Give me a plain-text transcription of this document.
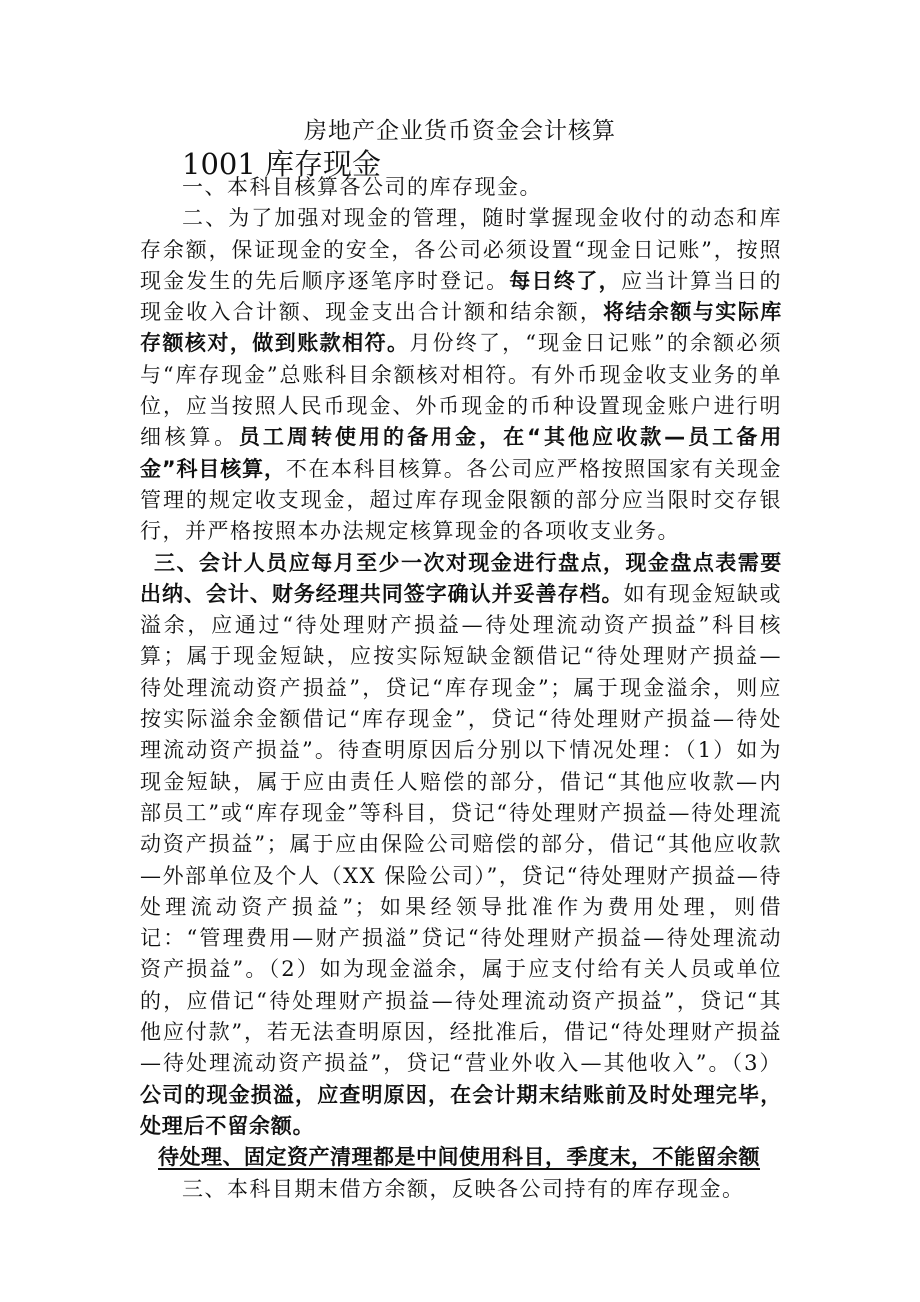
房地产企业货币资金会计核算
1001 库存现金

一、本科目核算各公司的库存现金。

二、为了加强对现金的管理，随时掌握现金收付的动态和库存余额，保证现金的安全，各公司必须设置“现金日记账”，按照现金发生的先后顺序逐笔序时登记。每日终了，应当计算当日的现金收入合计额、现金支出合计额和结余额，将结余额与实际库存额核对，做到账款相符。月份终了，“现金日记账”的余额必须与“库存现金”总账科目余额核对相符。有外币现金收支业务的单位，应当按照人民币现金、外币现金的币种设置现金账户进行明细核算。员工周转使用的备用金，在“其他应收款—员工备用金”科目核算，不在本科目核算。各公司应严格按照国家有关现金管理的规定收支现金，超过库存现金限额的部分应当限时交存银行，并严格按照本办法规定核算现金的各项收支业务。

三、会计人员应每月至少一次对现金进行盘点，现金盘点表需要出纳、会计、财务经理共同签字确认并妥善存档。如有现金短缺或溢余，应通过“待处理财产损益—待处理流动资产损益”科目核算；属于现金短缺，应按实际短缺金额借记“待处理财产损益—待处理流动资产损益”，贷记“库存现金”；属于现金溢余，则应按实际溢余金额借记“库存现金”，贷记“待处理财产损益—待处理流动资产损益”。待查明原因后分别以下情况处理：（1）如为现金短缺，属于应由责任人赔偿的部分，借记“其他应收款—内部员工”或“库存现金”等科目，贷记“待处理财产损益—待处理流动资产损益”；属于应由保险公司赔偿的部分，借记“其他应收款—外部单位及个人（XX 保险公司）”，贷记“待处理财产损益—待处理流动资产损益”；如果经领导批准作为费用处理，则借记：“管理费用—财产损溢”贷记“待处理财产损益—待处理流动资产损益”。（2）如为现金溢余，属于应支付给有关人员或单位的，应借记“待处理财产损益—待处理流动资产损益”，贷记“其他应付款”，若无法查明原因，经批准后，借记“待处理财产损益—待处理流动资产损益”，贷记“营业外收入—其他收入”。（3）公司的现金损溢，应查明原因，在会计期末结账前及时处理完毕，处理后不留余额。

待处理、固定资产清理都是中间使用科目，季度末，不能留余额

三、本科目期末借方余额，反映各公司持有的库存现金。
